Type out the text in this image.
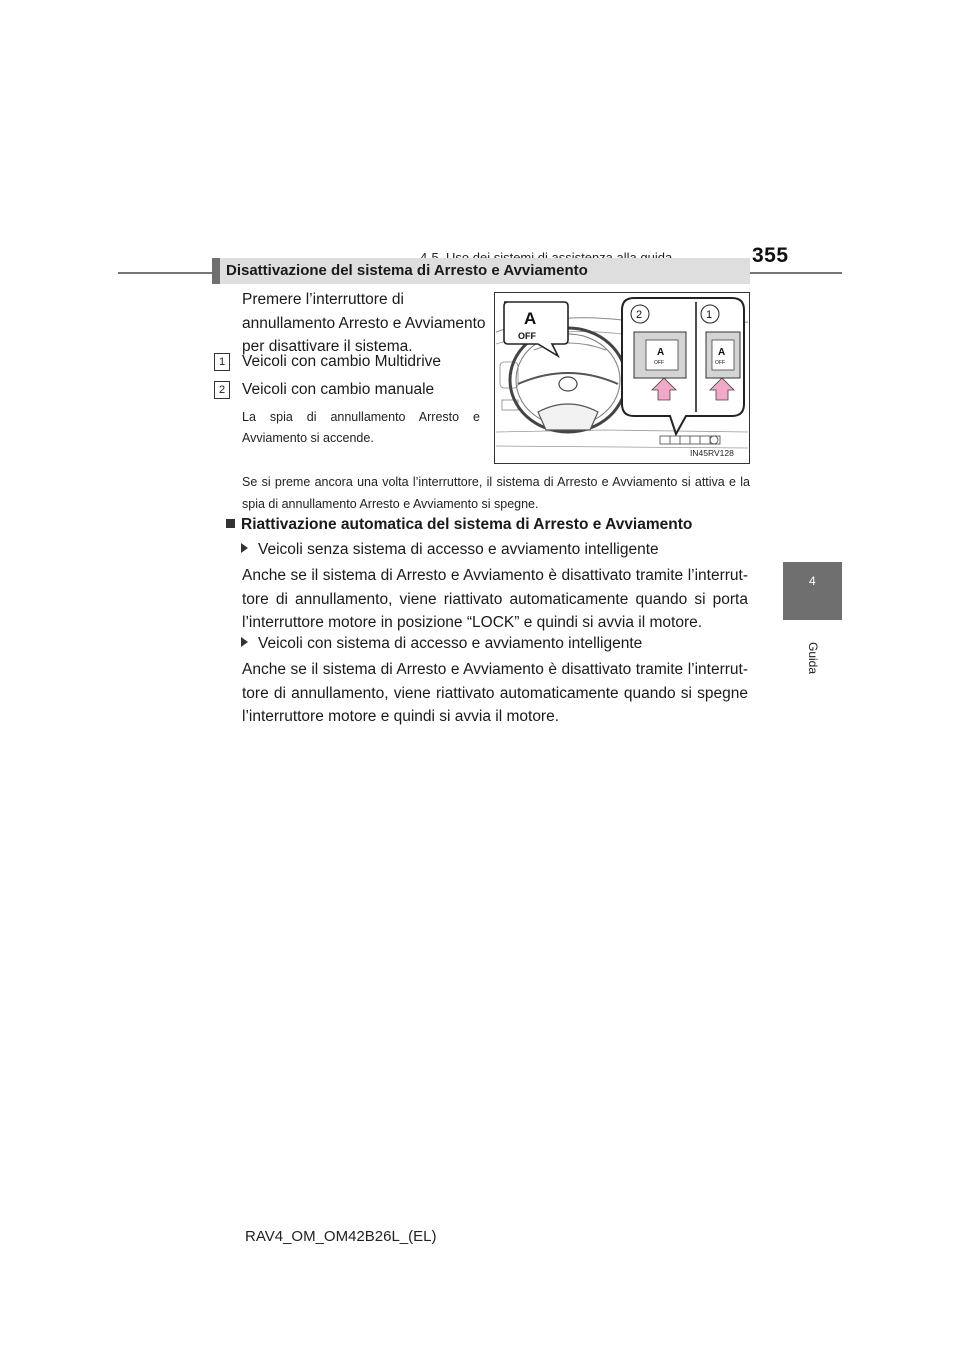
355
4
Guida
Disattivazione del sistema di Arresto e Avviamento
Premere l’interruttore di annullamento Arresto e Avviamento per disattivare il sistema.
1 Veicoli con cambio Multidrive
2 Veicoli con cambio manuale
La spia di annullamento Arresto e Avviamento si accende.
A
OFF
A
OFF
A
OFF
2	1
IN45RV128
Se si preme ancora una volta l’interruttore, il sistema di Arresto e Avviamento si attiva e la spia di annullamento Arresto e Avviamento si spegne.
Riattivazione automatica del sistema di Arresto e Avviamento
Veicoli senza sistema di accesso e avviamento intelligente
Anche se il sistema di Arresto e Avviamento è disattivato tramite l’interruttore di annullamento, viene riattivato automaticamente quando si porta l’interruttore motore in posizione “LOCK” e quindi si avvia il motore.
Veicoli con sistema di accesso e avviamento intelligente
Anche se il sistema di Arresto e Avviamento è disattivato tramite l’interruttore di annullamento, viene riattivato automaticamente quando si spegne l’interruttore motore e quindi si avvia il motore.
RAV4_OM_OM42B26L_(EL)
